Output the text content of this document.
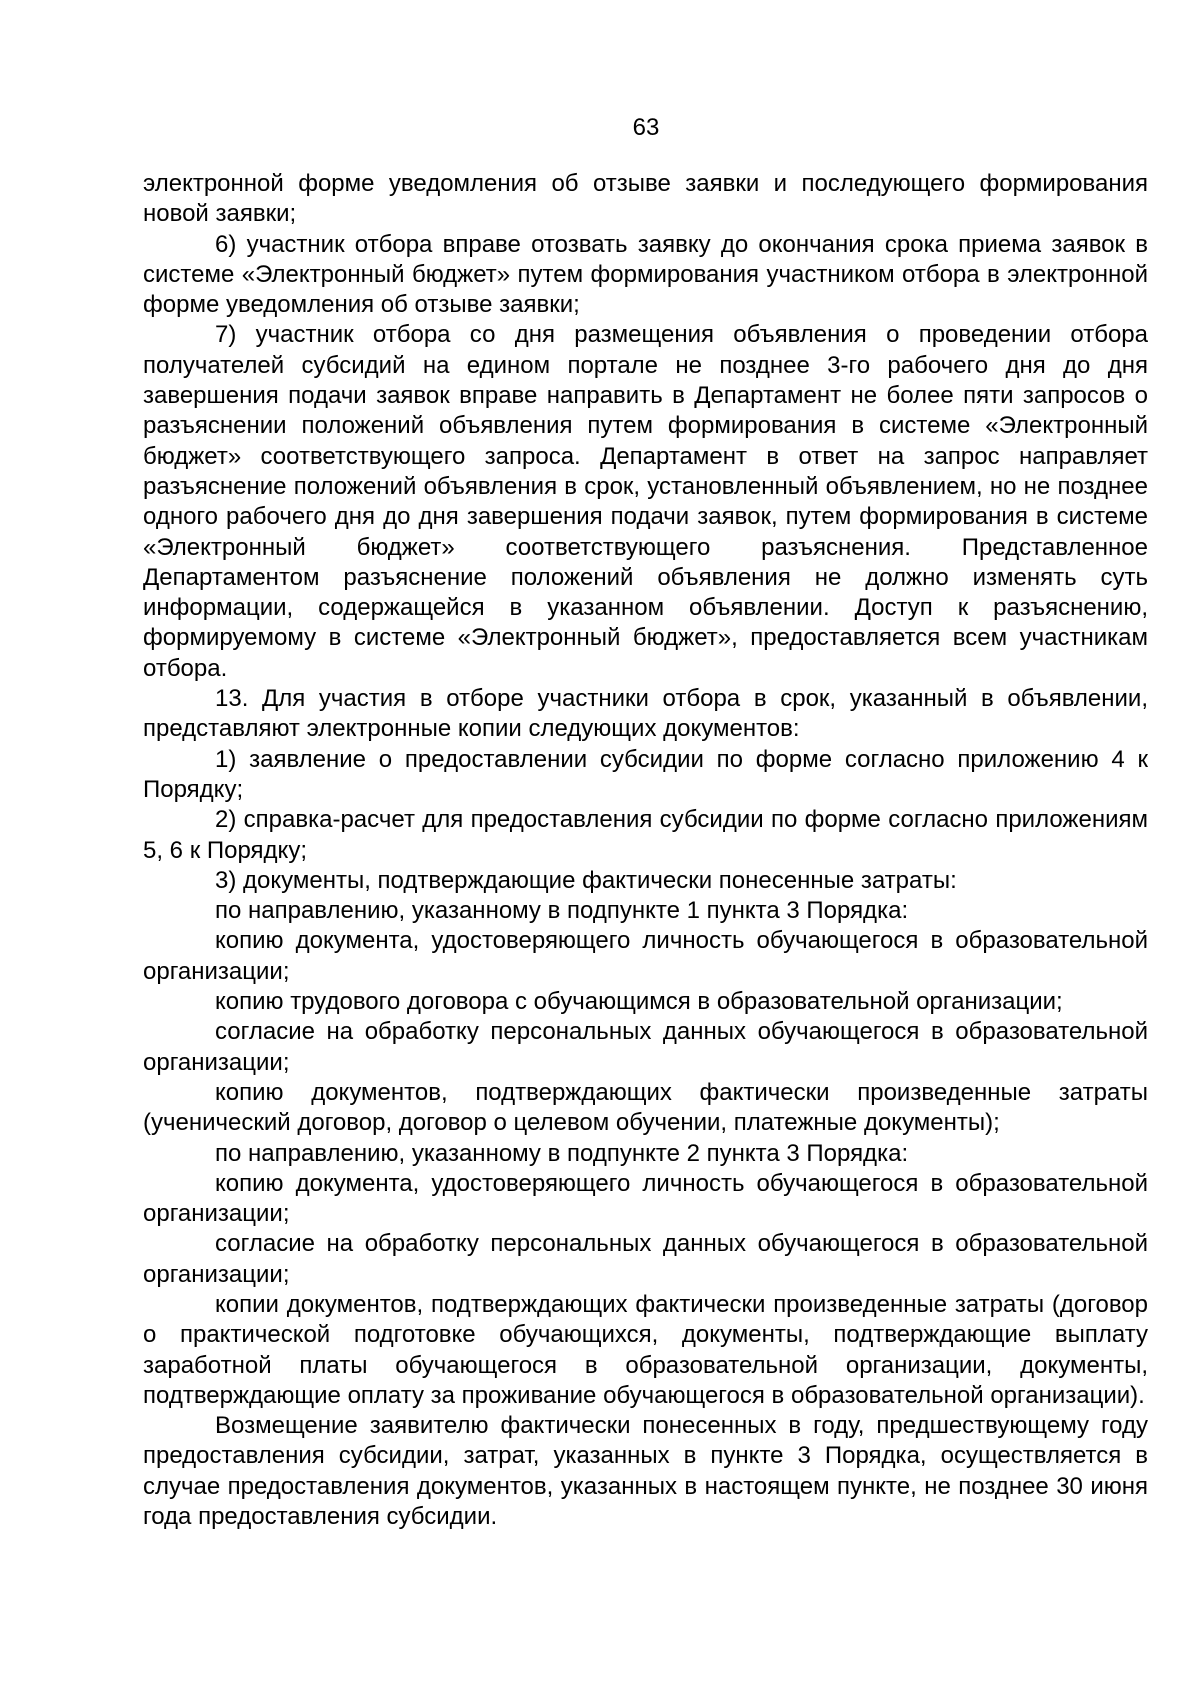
63

электронной форме уведомления об отзыве заявки и последующего формирования новой заявки;

6) участник отбора вправе отозвать заявку до окончания срока приема заявок в системе «Электронный бюджет» путем формирования участником отбора в электронной форме уведомления об отзыве заявки;

7) участник отбора со дня размещения объявления о проведении отбора получателей субсидий на едином портале не позднее 3-го рабочего дня до дня завершения подачи заявок вправе направить в Департамент не более пяти запросов о разъяснении положений объявления путем формирования в системе «Электронный бюджет» соответствующего запроса. Департамент в ответ на запрос направляет разъяснение положений объявления в срок, установленный объявлением, но не позднее одного рабочего дня до дня завершения подачи заявок, путем формирования в системе «Электронный бюджет» соответствующего разъяснения. Представленное Департаментом разъяснение положений объявления не должно изменять суть информации, содержащейся в указанном объявлении. Доступ к разъяснению, формируемому в системе «Электронный бюджет», предоставляется всем участникам отбора.

13. Для участия в отборе участники отбора в срок, указанный в объявлении, представляют электронные копии следующих документов:

1) заявление о предоставлении субсидии по форме согласно приложению 4 к Порядку;

2) справка-расчет для предоставления субсидии по форме согласно приложениям 5, 6 к Порядку;

3) документы, подтверждающие фактически понесенные затраты:

по направлению, указанному в подпункте 1 пункта 3 Порядка:

копию документа, удостоверяющего личность обучающегося в образовательной организации;

копию трудового договора с обучающимся в образовательной организации;

согласие на обработку персональных данных обучающегося в образовательной организации;

копию документов, подтверждающих фактически произведенные затраты (ученический договор, договор о целевом обучении, платежные документы);

по направлению, указанному в подпункте 2 пункта 3 Порядка:

копию документа, удостоверяющего личность обучающегося в образовательной организации;

согласие на обработку персональных данных обучающегося в образовательной организации;

копии документов, подтверждающих фактически произведенные затраты (договор о практической подготовке обучающихся, документы, подтверждающие выплату заработной платы обучающегося в образовательной организации, документы, подтверждающие оплату за проживание обучающегося в образовательной организации).

Возмещение заявителю фактически понесенных в году, предшествующему году предоставления субсидии, затрат, указанных в пункте 3 Порядка, осуществляется в случае предоставления документов, указанных в настоящем пункте, не позднее 30 июня года предоставления субсидии.
